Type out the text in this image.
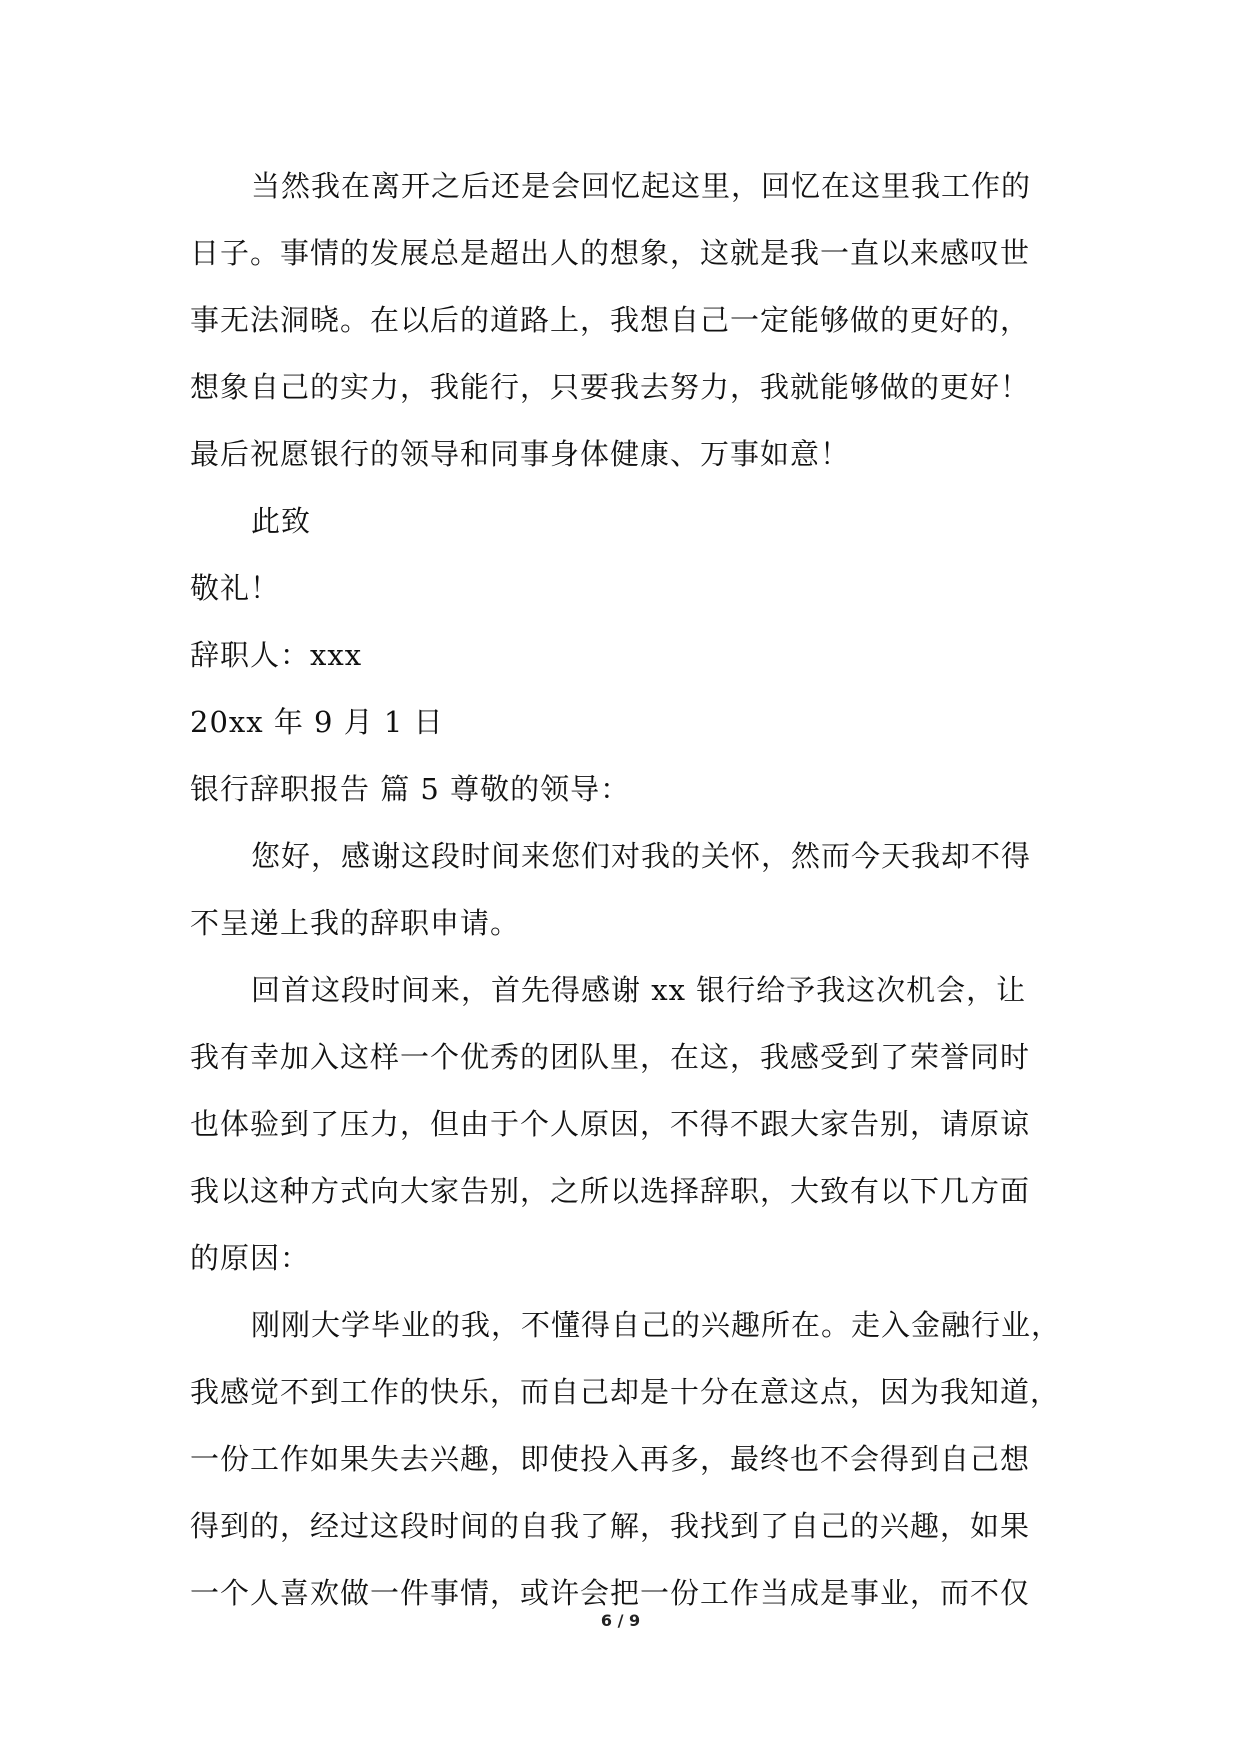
当然我在离开之后还是会回忆起这里，回忆在这里我工作的
日子。事情的发展总是超出人的想象，这就是我一直以来感叹世
事无法洞晓。在以后的道路上，我想自己一定能够做的更好的，
想象自己的实力，我能行，只要我去努力，我就能够做的更好！
最后祝愿银行的领导和同事身体健康、万事如意！
此致
敬礼！
辞职人：xxx
20xx 年 9 月 1 日
银行辞职报告 篇 5 尊敬的领导：
您好，感谢这段时间来您们对我的关怀，然而今天我却不得
不呈递上我的辞职申请。
回首这段时间来，首先得感谢 xx 银行给予我这次机会，让
我有幸加入这样一个优秀的团队里，在这，我感受到了荣誉同时
也体验到了压力，但由于个人原因，不得不跟大家告别，请原谅
我以这种方式向大家告别，之所以选择辞职，大致有以下几方面
的原因：
刚刚大学毕业的我，不懂得自己的兴趣所在。走入金融行业，
我感觉不到工作的快乐，而自己却是十分在意这点，因为我知道，
一份工作如果失去兴趣，即使投入再多，最终也不会得到自己想
得到的，经过这段时间的自我了解，我找到了自己的兴趣，如果
一个人喜欢做一件事情，或许会把一份工作当成是事业，而不仅
6 / 9
